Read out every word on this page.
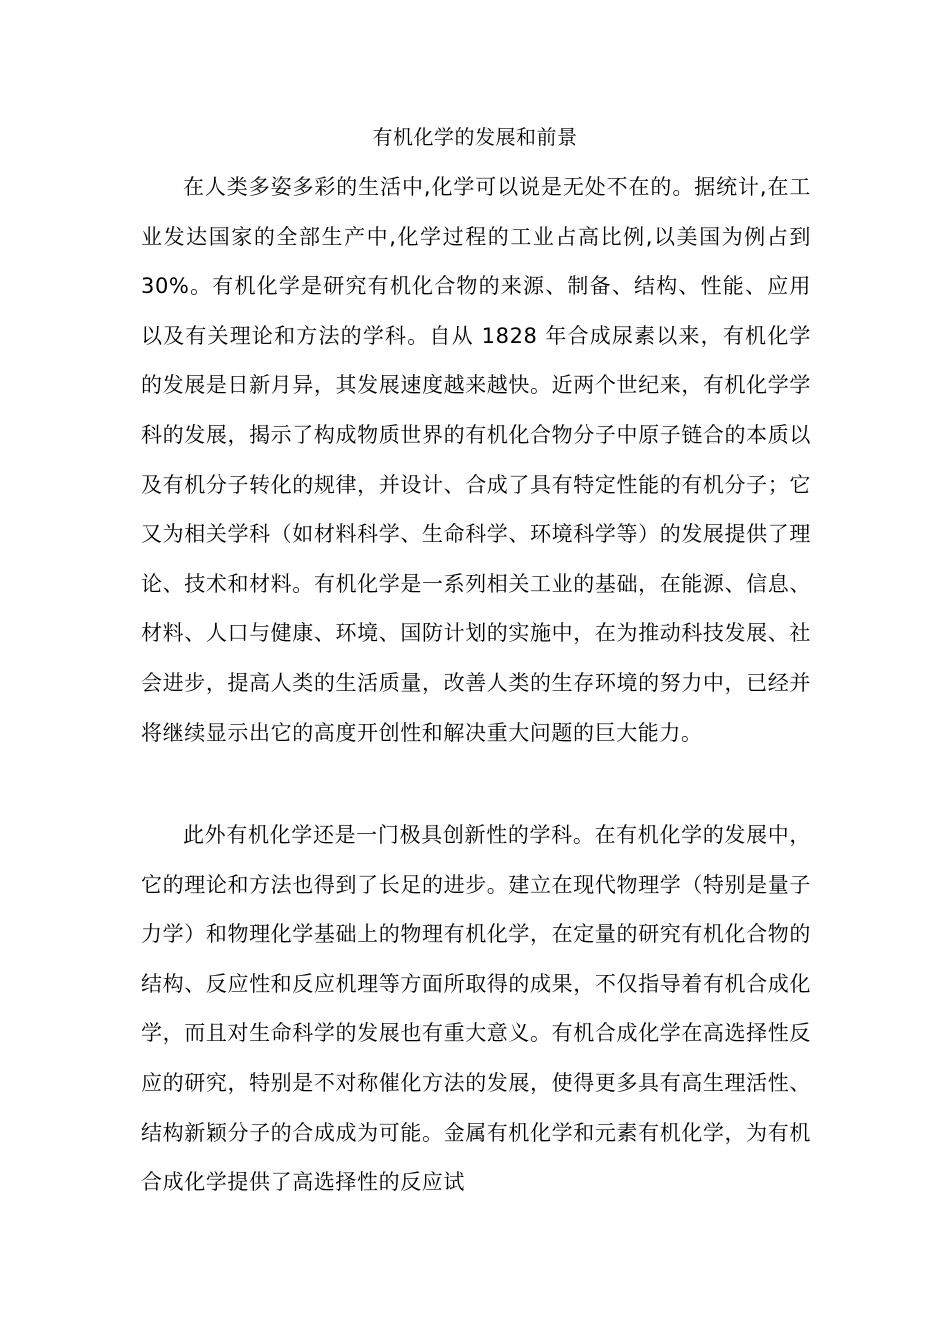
有机化学的发展和前景

在人类多姿多彩的生活中,化学可以说是无处不在的。据统计,在工业发达国家的全部生产中,化学过程的工业占高比例,以美国为例占到 30%。有机化学是研究有机化合物的来源、制备、结构、性能、应用以及有关理论和方法的学科。自从 1828 年合成尿素以来，有机化学的发展是日新月异，其发展速度越来越快。近两个世纪来，有机化学学科的发展，揭示了构成物质世界的有机化合物分子中原子链合的本质以及有机分子转化的规律，并设计、合成了具有特定性能的有机分子；它又为相关学科（如材料科学、生命科学、环境科学等）的发展提供了理论、技术和材料。有机化学是一系列相关工业的基础，在能源、信息、材料、人口与健康、环境、国防计划的实施中，在为推动科技发展、社会进步，提高人类的生活质量，改善人类的生存环境的努力中，已经并将继续显示出它的高度开创性和解决重大问题的巨大能力。

此外有机化学还是一门极具创新性的学科。在有机化学的发展中，它的理论和方法也得到了长足的进步。建立在现代物理学（特别是量子力学）和物理化学基础上的物理有机化学，在定量的研究有机化合物的结构、反应性和反应机理等方面所取得的成果，不仅指导着有机合成化学，而且对生命科学的发展也有重大意义。有机合成化学在高选择性反应的研究，特别是不对称催化方法的发展，使得更多具有高生理活性、结构新颖分子的合成成为可能。金属有机化学和元素有机化学，为有机合成化学提供了高选择性的反应试
